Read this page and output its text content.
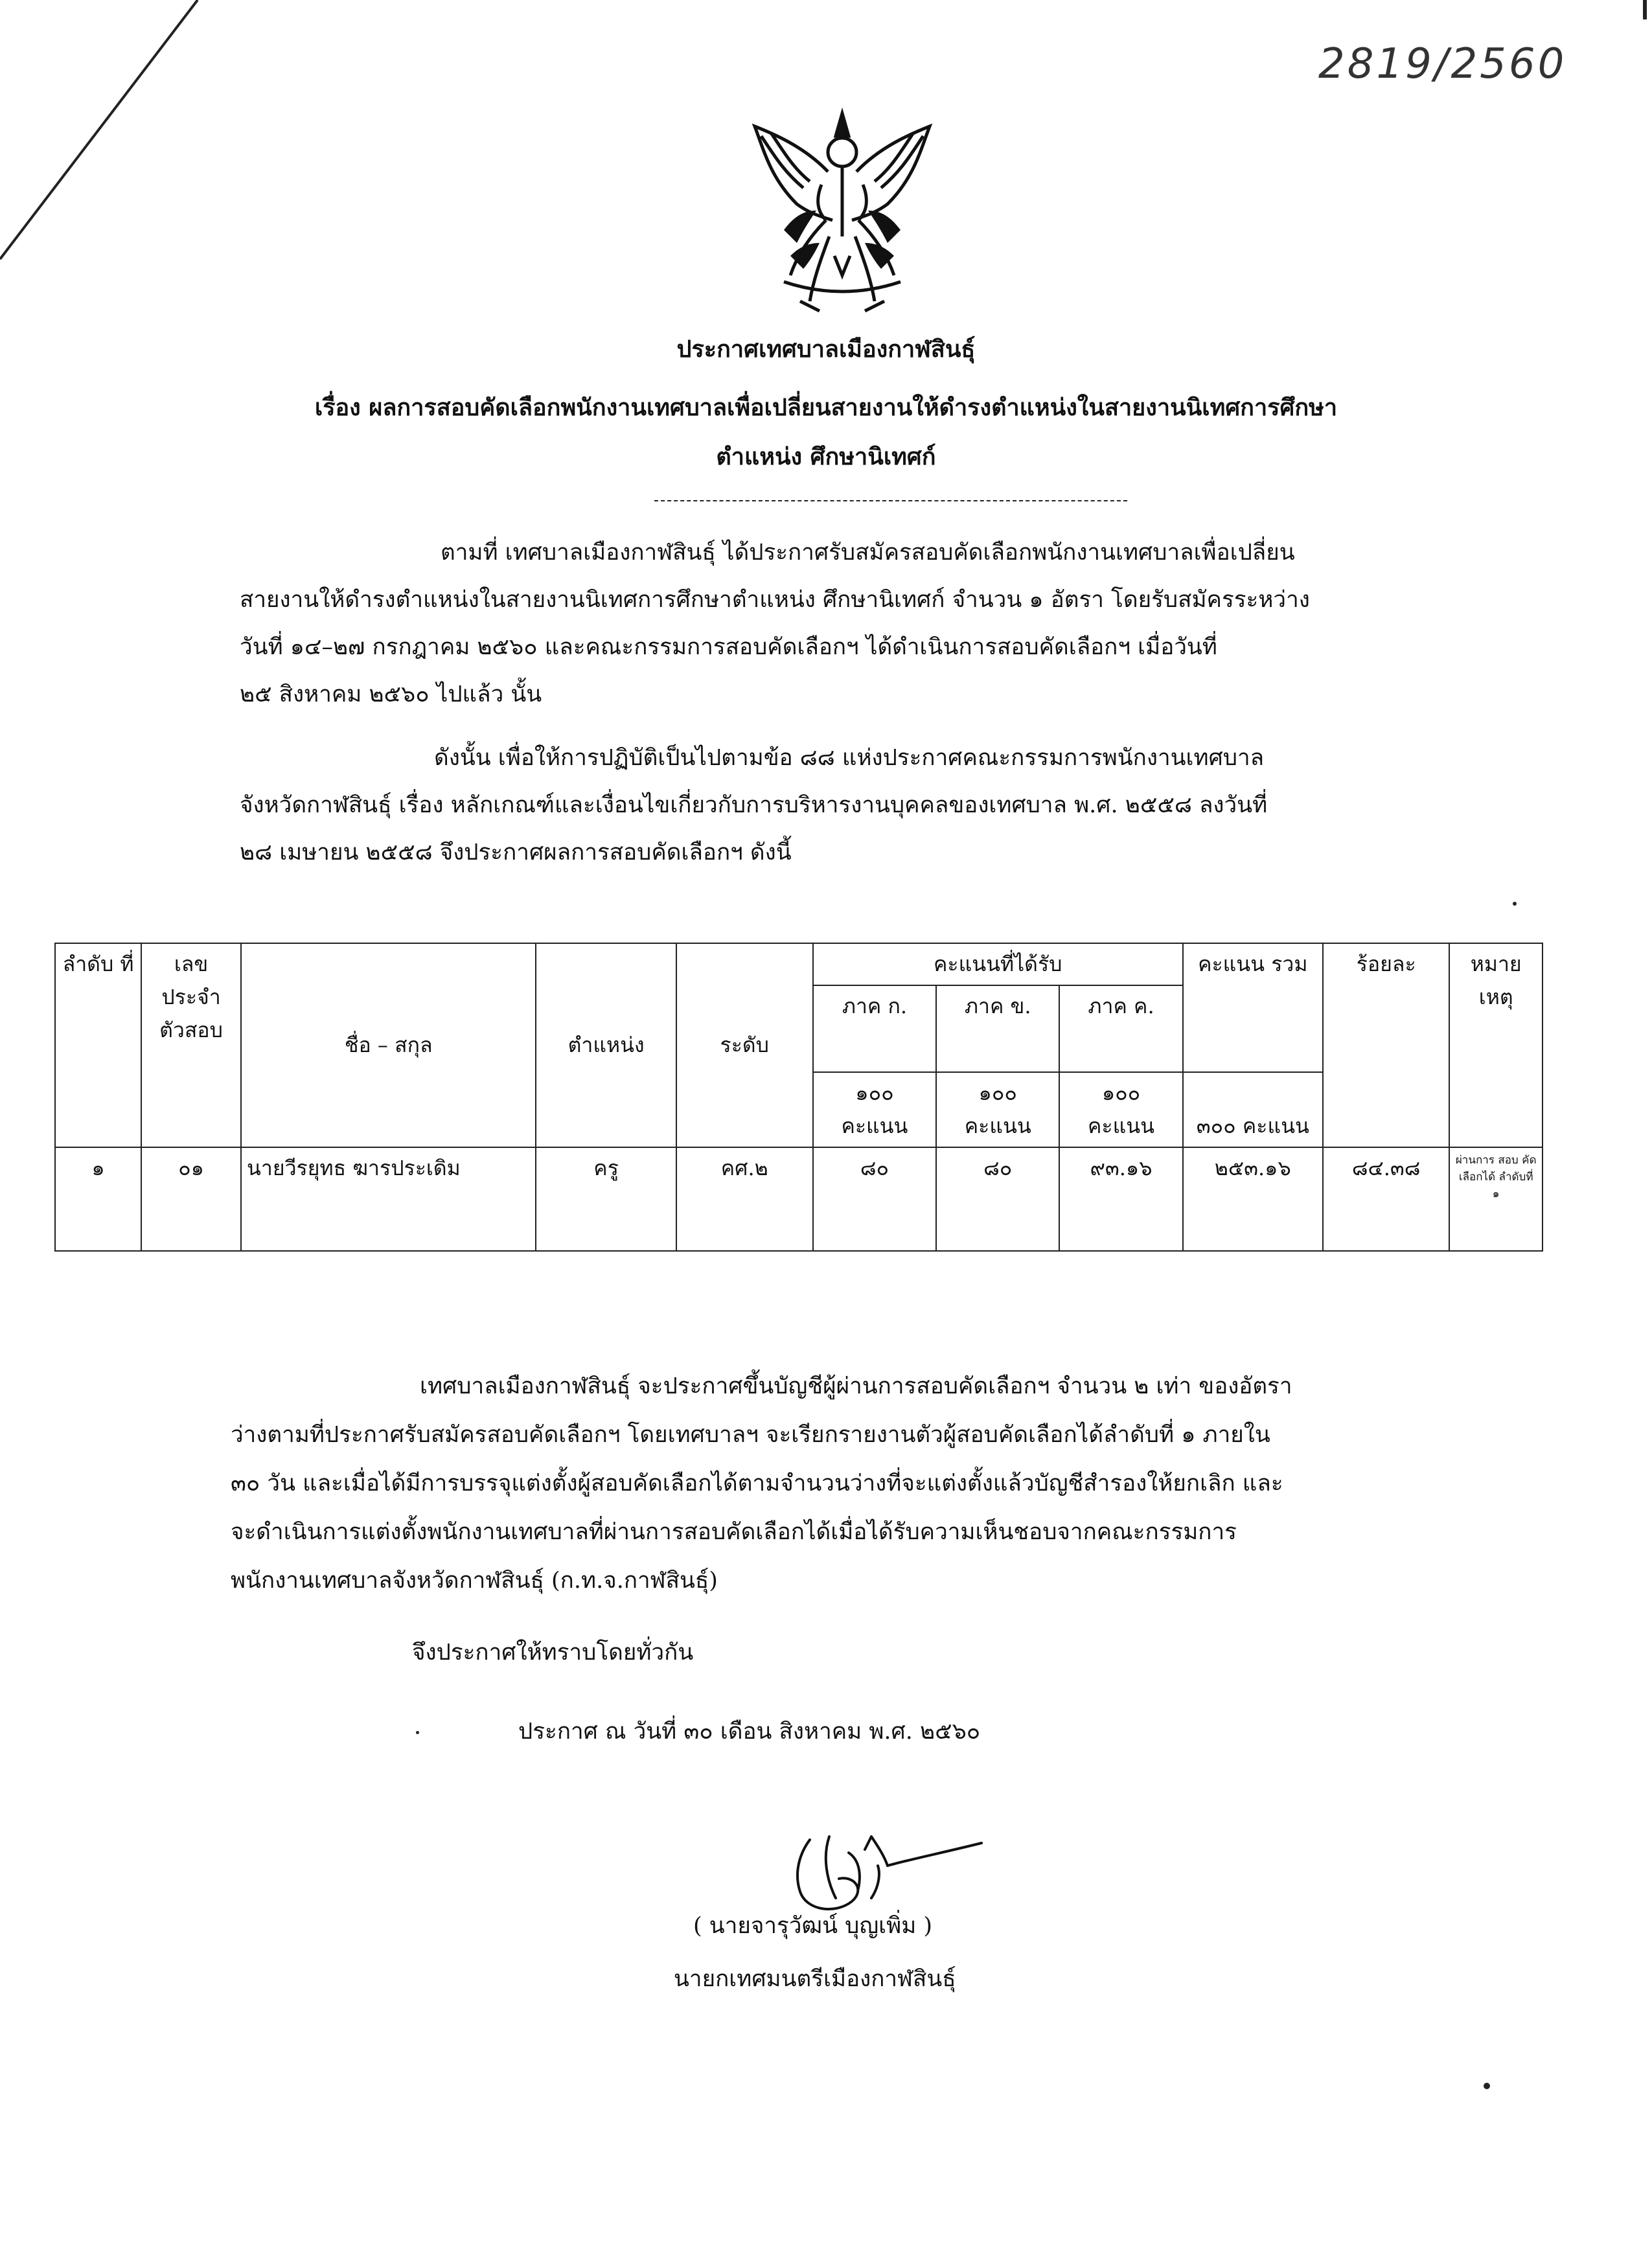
2819/2560
ประกาศเทศบาลเมืองกาฬสินธุ์
เรื่อง ผลการสอบคัดเลือกพนักงานเทศบาลเพื่อเปลี่ยนสายงานให้ดำรงตำแหน่งในสายงานนิเทศการศึกษา
ตำแหน่ง ศึกษานิเทศก์
ตามที่ เทศบาลเมืองกาฬสินธุ์ ได้ประกาศรับสมัครสอบคัดเลือกพนักงานเทศบาลเพื่อเปลี่ยน
สายงานให้ดำรงตำแหน่งในสายงานนิเทศการศึกษาตำแหน่ง ศึกษานิเทศก์ จำนวน ๑ อัตรา โดยรับสมัครระหว่าง
วันที่ ๑๔–๒๗ กรกฎาคม ๒๕๖๐ และคณะกรรมการสอบคัดเลือกฯ ได้ดำเนินการสอบคัดเลือกฯ เมื่อวันที่
๒๕ สิงหาคม ๒๕๖๐ ไปแล้ว นั้น
ดังนั้น เพื่อให้การปฏิบัติเป็นไปตามข้อ ๘๘ แห่งประกาศคณะกรรมการพนักงานเทศบาล
จังหวัดกาฬสินธุ์ เรื่อง หลักเกณฑ์และเงื่อนไขเกี่ยวกับการบริหารงานบุคคลของเทศบาล พ.ศ. ๒๕๕๘ ลงวันที่
๒๘ เมษายน ๒๕๕๘ จึงประกาศผลการสอบคัดเลือกฯ ดังนี้
ลำดับ ที่	เลข ประจำ ตัวสอบ	ชื่อ – สกุล	ตำแหน่ง	ระดับ	คะแนนที่ได้รับ			คะแนน รวม	ร้อยละ	หมาย เหตุ
					ภาค ก.	ภาค ข.	ภาค ค.			
					๑๐๐ คะแนน	๑๐๐ คะแนน	๑๐๐ คะแนน	๓๐๐ คะแนน		
๑	๐๑	นายวีรยุทธ ฆารประเดิม	ครู	คศ.๒	๘๐	๘๐	๙๓.๑๖	๒๕๓.๑๖	๘๔.๓๘	ผ่านการ สอบ คัดเลือกได้ ลำดับที่ ๑
เทศบาลเมืองกาฬสินธุ์ จะประกาศขึ้นบัญชีผู้ผ่านการสอบคัดเลือกฯ จำนวน ๒ เท่า ของอัตรา
ว่างตามที่ประกาศรับสมัครสอบคัดเลือกฯ โดยเทศบาลฯ จะเรียกรายงานตัวผู้สอบคัดเลือกได้ลำดับที่ ๑ ภายใน
๓๐ วัน และเมื่อได้มีการบรรจุแต่งตั้งผู้สอบคัดเลือกได้ตามจำนวนว่างที่จะแต่งตั้งแล้วบัญชีสำรองให้ยกเลิก และ
จะดำเนินการแต่งตั้งพนักงานเทศบาลที่ผ่านการสอบคัดเลือกได้เมื่อได้รับความเห็นชอบจากคณะกรรมการ
พนักงานเทศบาลจังหวัดกาฬสินธุ์ (ก.ท.จ.กาฬสินธุ์)
จึงประกาศให้ทราบโดยทั่วกัน
ประกาศ ณ วันที่ ๓๐ เดือน สิงหาคม พ.ศ. ๒๕๖๐
( นายจารุวัฒน์ บุญเพิ่ม )
นายกเทศมนตรีเมืองกาฬสินธุ์
